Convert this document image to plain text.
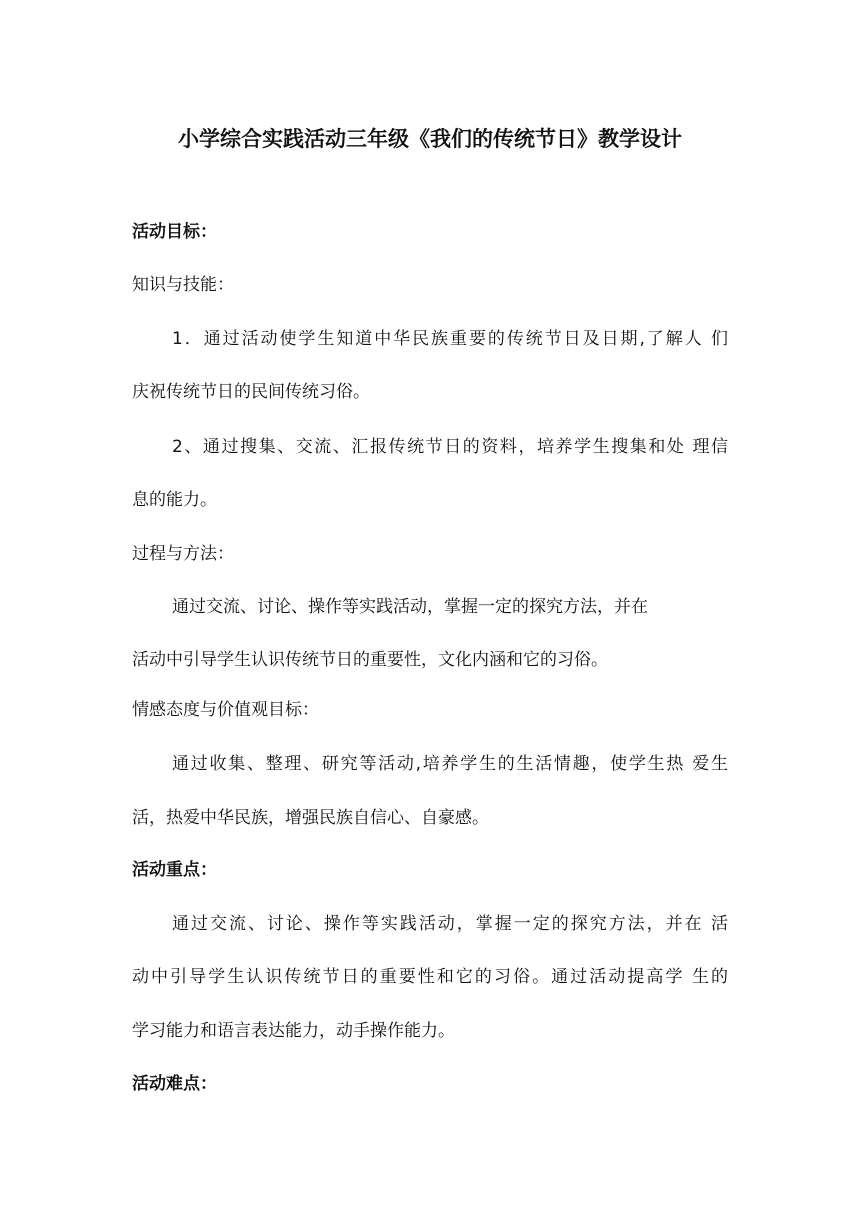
小学综合实践活动三年级《我们的传统节日》教学设计
活动目标：
知识与技能：
1．通过活动使学生知道中华民族重要的传统节日及日期,了解人 们
庆祝传统节日的民间传统习俗。
2、通过搜集、交流、汇报传统节日的资料，培养学生搜集和处 理信
息的能力。
过程与方法：
通过交流、讨论、操作等实践活动，掌握一定的探究方法，并在
活动中引导学生认识传统节日的重要性，文化内涵和它的习俗。
情感态度与价值观目标：
通过收集、整理、研究等活动,培养学生的生活情趣，使学生热 爱生
活，热爱中华民族，增强民族自信心、自豪感。
活动重点：
通过交流、讨论、操作等实践活动，掌握一定的探究方法，并在 活
动中引导学生认识传统节日的重要性和它的习俗。通过活动提高学 生的
学习能力和语言表达能力，动手操作能力。
活动难点：
